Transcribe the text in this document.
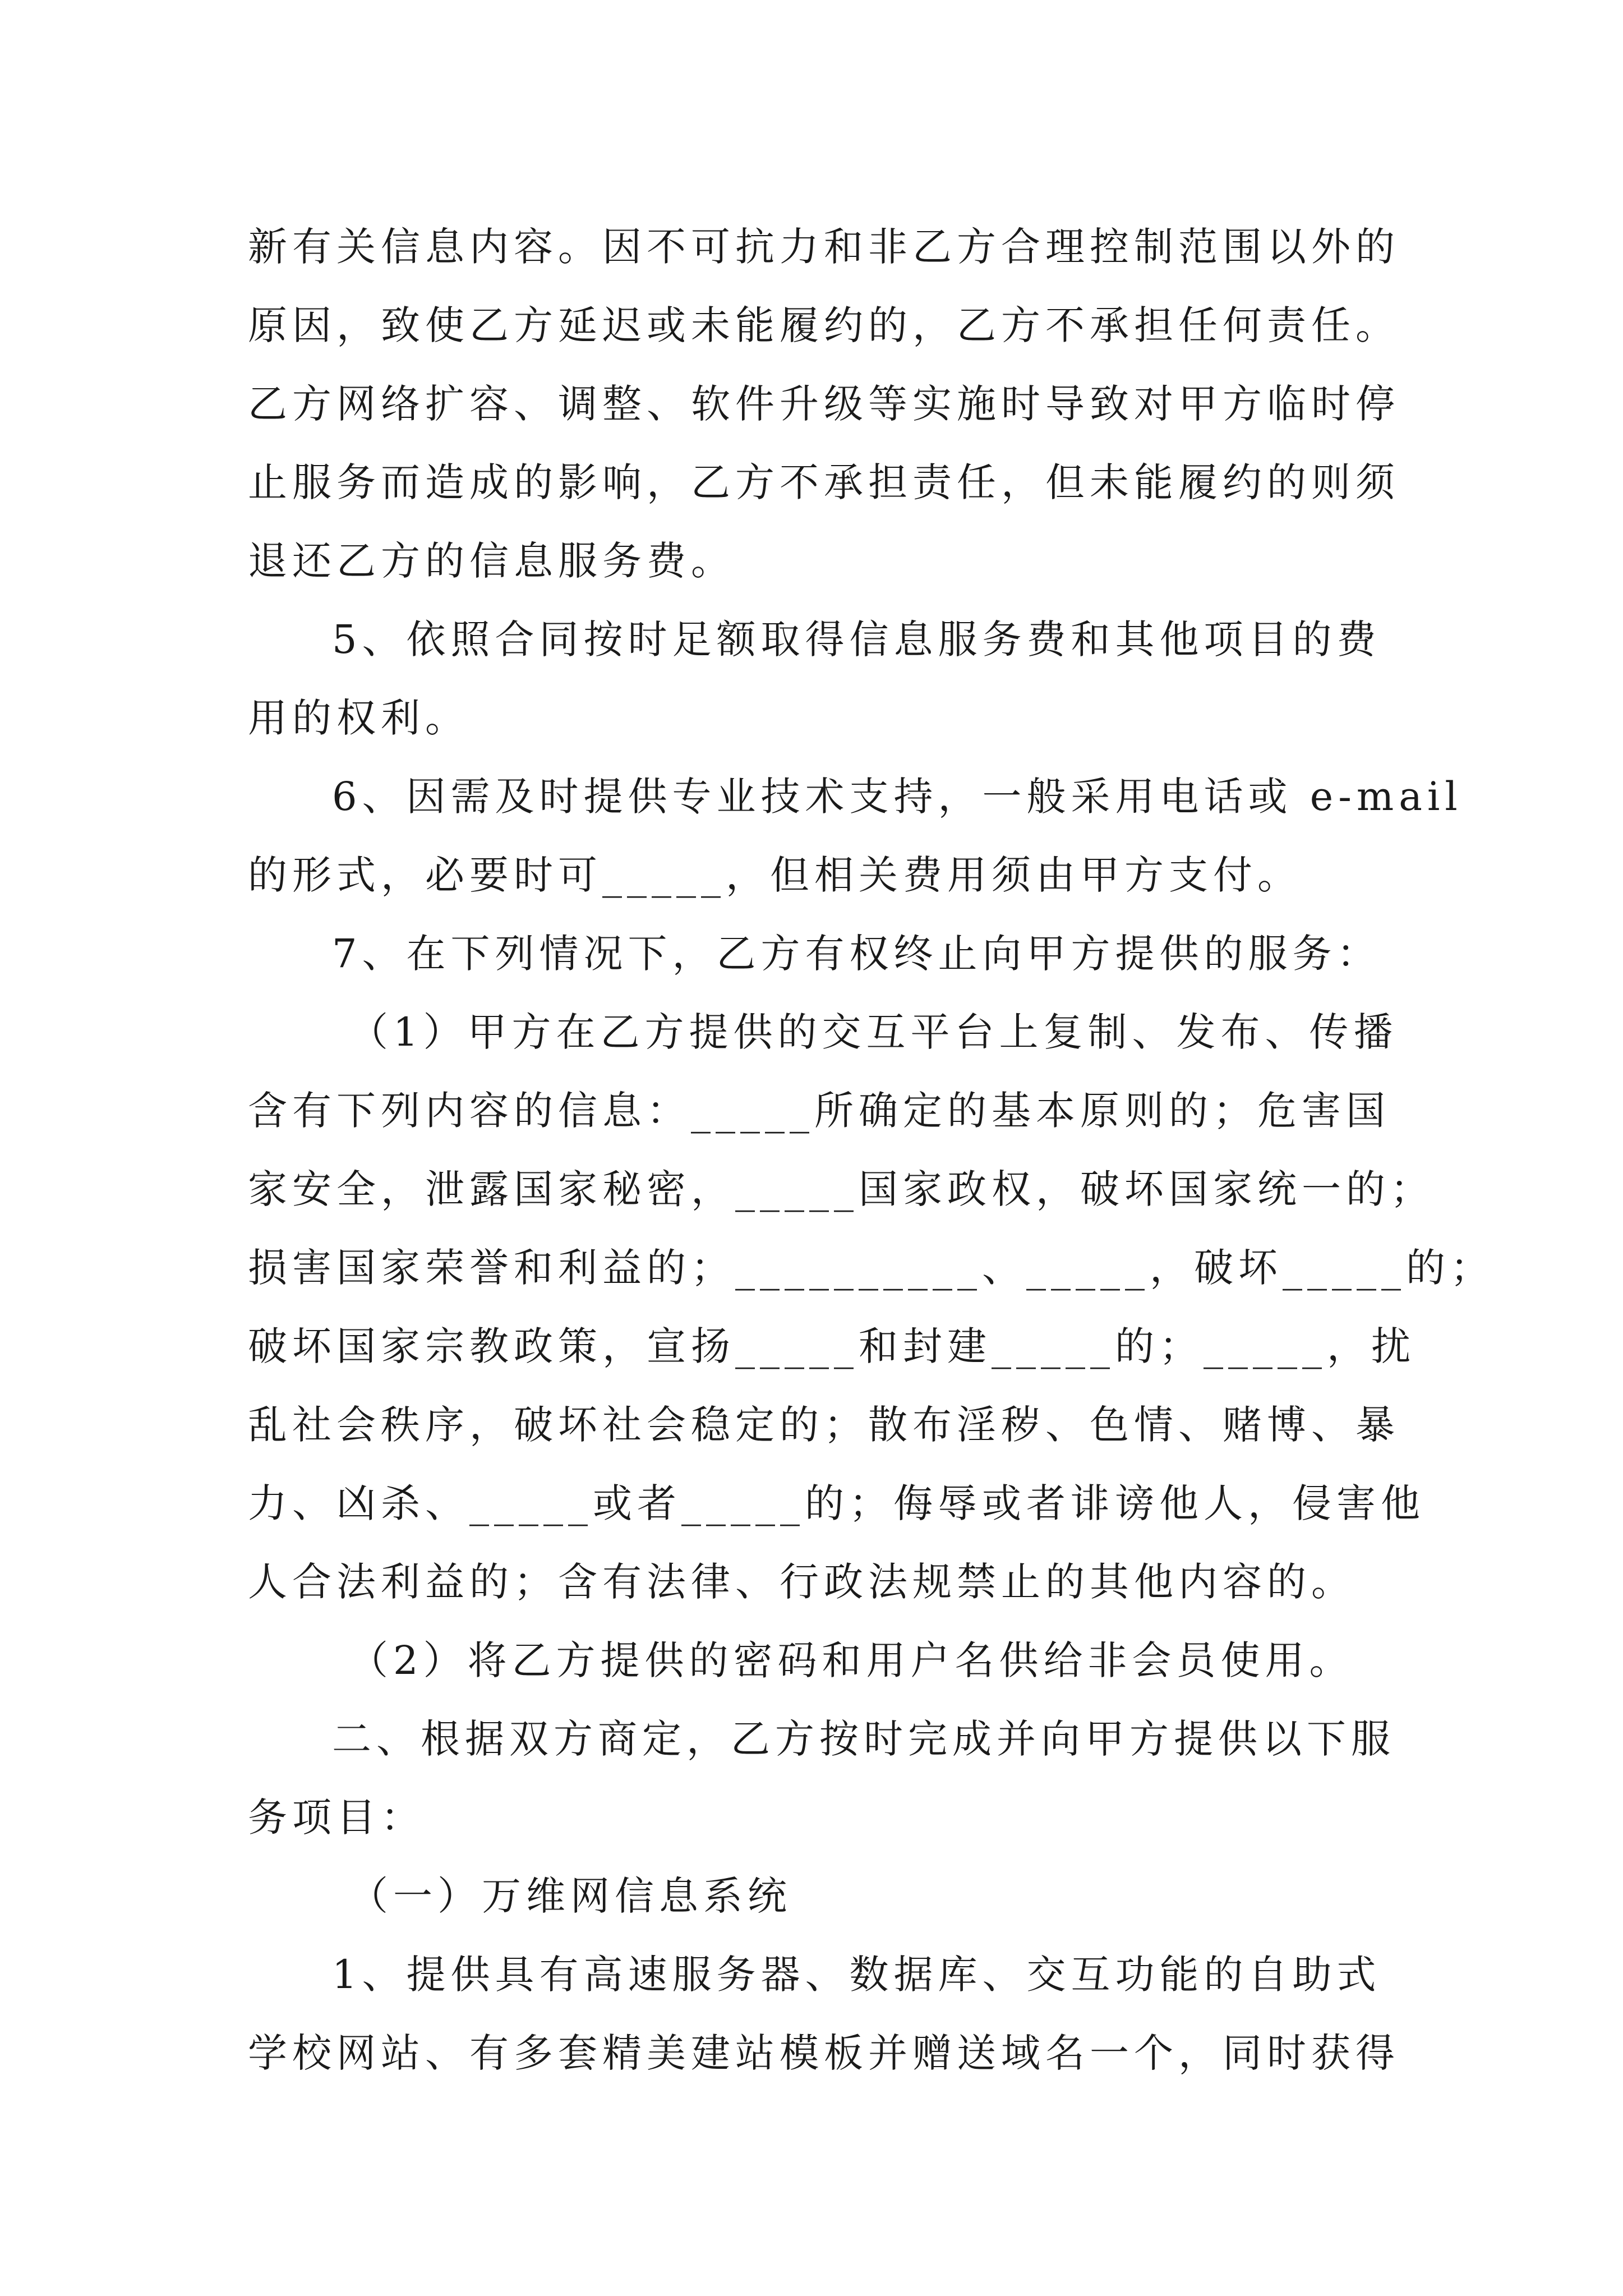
新有关信息内容。因不可抗力和非乙方合理控制范围以外的

原因，致使乙方延迟或未能履约的，乙方不承担任何责任。

乙方网络扩容、调整、软件升级等实施时导致对甲方临时停

止服务而造成的影响，乙方不承担责任，但未能履约的则须

退还乙方的信息服务费。

5、依照合同按时足额取得信息服务费和其他项目的费

用的权利。

6、因需及时提供专业技术支持，一般采用电话或 e-mail

的形式，必要时可_____，但相关费用须由甲方支付。

7、在下列情况下，乙方有权终止向甲方提供的服务：

（1）甲方在乙方提供的交互平台上复制、发布、传播

含有下列内容的信息：_____所确定的基本原则的；危害国

家安全，泄露国家秘密，_____国家政权，破坏国家统一的；

损害国家荣誉和利益的；__________、_____，破坏_____的；

破坏国家宗教政策，宣扬_____和封建_____的；_____，扰

乱社会秩序，破坏社会稳定的；散布淫秽、色情、赌博、暴

力、凶杀、_____或者_____的；侮辱或者诽谤他人，侵害他

人合法利益的；含有法律、行政法规禁止的其他内容的。

（2）将乙方提供的密码和用户名供给非会员使用。

二、根据双方商定，乙方按时完成并向甲方提供以下服

务项目：

（一）万维网信息系统

1、提供具有高速服务器、数据库、交互功能的自助式

学校网站、有多套精美建站模板并赠送域名一个，同时获得
